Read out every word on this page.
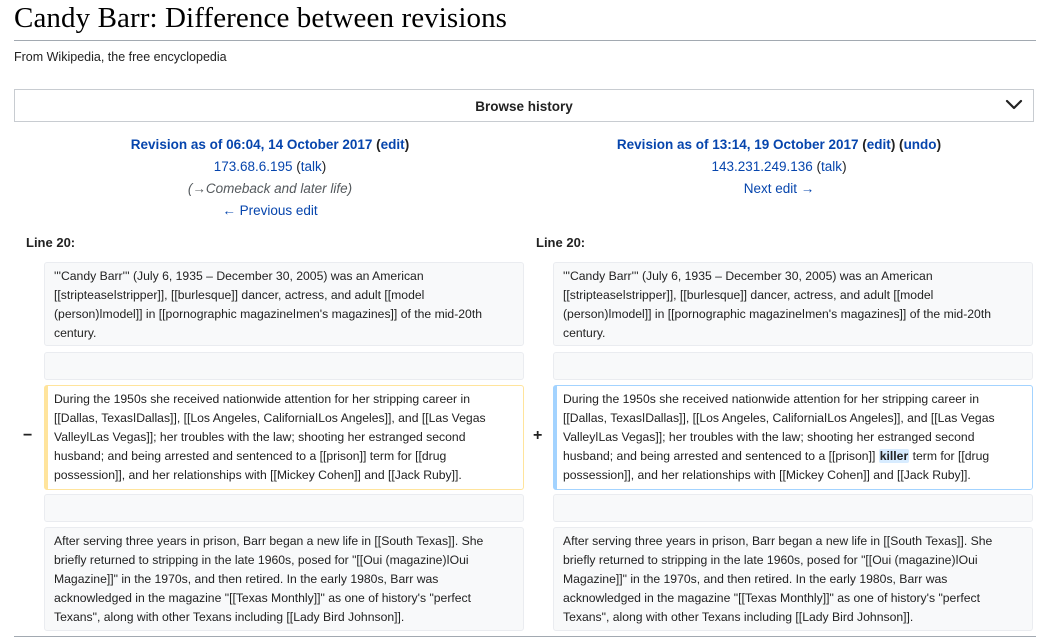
Candy Barr: Difference between revisions
From Wikipedia, the free encyclopedia
Browse history
Revision as of 06:04, 14 October 2017 (edit)
173.68.6.195 (talk)
(→Comeback and later life)
← Previous edit
Revision as of 13:14, 19 October 2017 (edit) (undo)
143.231.249.136 (talk)
Next edit →
Line 20:	Line 20:
'''Candy Barr''' (July 6, 1935 – December 30, 2005) was an American [[stripteaseǀstripper]], [[burlesque]] dancer, actress, and adult [[model (person)ǀmodel]] in [[pornographic magazineǀmen's magazines]] of the mid-20th century.
'''Candy Barr''' (July 6, 1935 – December 30, 2005) was an American [[stripteaseǀstripper]], [[burlesque]] dancer, actress, and adult [[model (person)ǀmodel]] in [[pornographic magazineǀmen's magazines]] of the mid-20th century.
−
During the 1950s she received nationwide attention for her stripping career in [[Dallas, TexasǀDallas]], [[Los Angeles, CaliforniaǀLos Angeles]], and [[Las Vegas ValleyǀLas Vegas]]; her troubles with the law; shooting her estranged second husband; and being arrested and sentenced to a [[prison]] term for [[drug possession]], and her relationships with [[Mickey Cohen]] and [[Jack Ruby]].
+
During the 1950s she received nationwide attention for her stripping career in [[Dallas, TexasǀDallas]], [[Los Angeles, CaliforniaǀLos Angeles]], and [[Las Vegas ValleyǀLas Vegas]]; her troubles with the law; shooting her estranged second husband; and being arrested and sentenced to a [[prison]] killer term for [[drug possession]], and her relationships with [[Mickey Cohen]] and [[Jack Ruby]].
After serving three years in prison, Barr began a new life in [[South Texas]]. She briefly returned to stripping in the late 1960s, posed for "[[Oui (magazine)ǀOui Magazine]]" in the 1970s, and then retired. In the early 1980s, Barr was acknowledged in the magazine "[[Texas Monthly]]" as one of history's "perfect Texans", along with other Texans including [[Lady Bird Johnson]].
After serving three years in prison, Barr began a new life in [[South Texas]]. She briefly returned to stripping in the late 1960s, posed for "[[Oui (magazine)ǀOui Magazine]]" in the 1970s, and then retired. In the early 1980s, Barr was acknowledged in the magazine "[[Texas Monthly]]" as one of history's "perfect Texans", along with other Texans including [[Lady Bird Johnson]].
